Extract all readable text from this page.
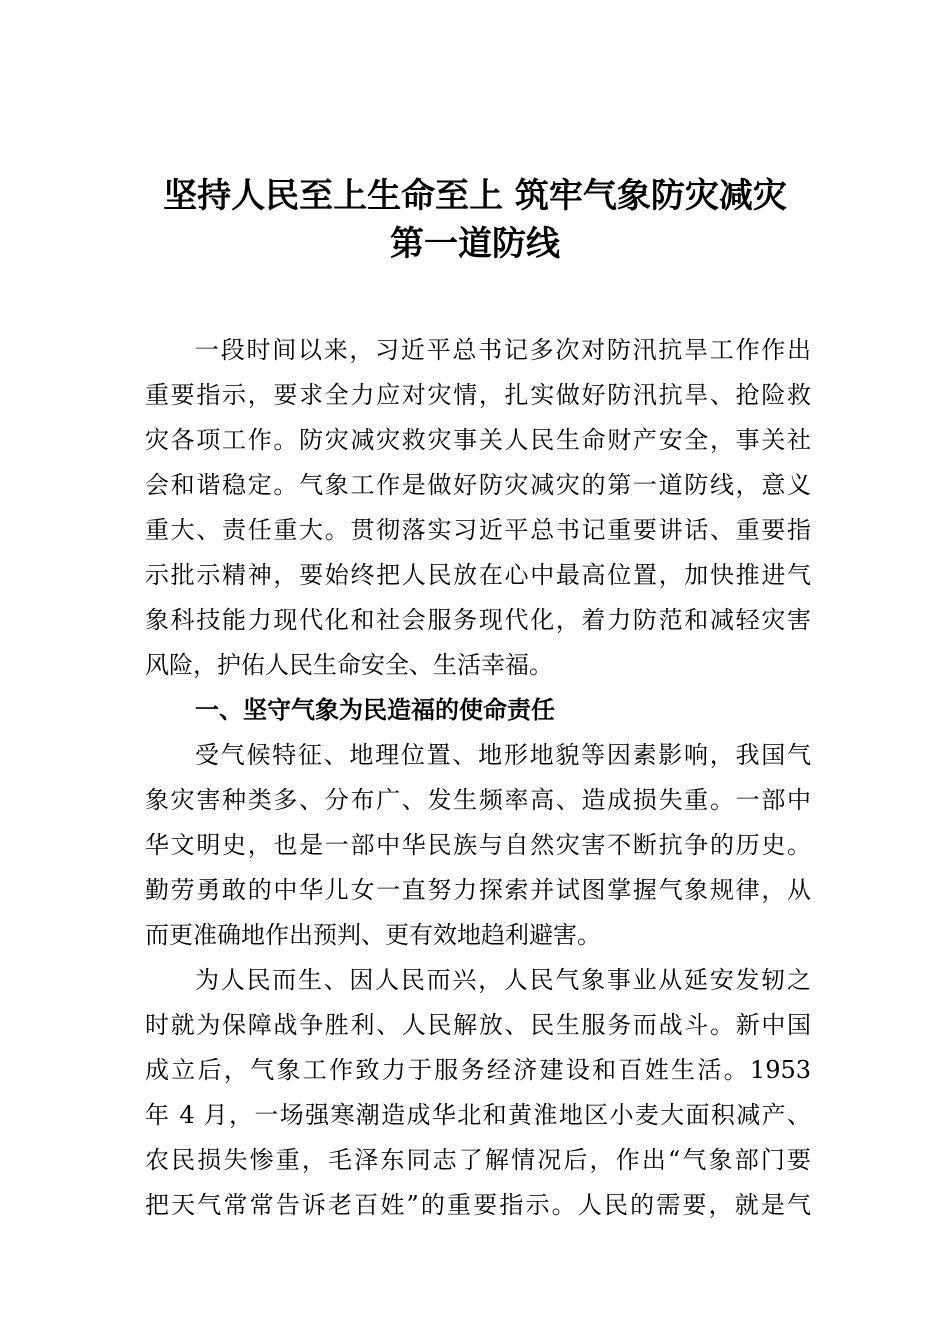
坚持人民至上生命至上 筑牢气象防灾减灾
第一道防线
一段时间以来，习近平总书记多次对防汛抗旱工作作出
重要指示，要求全力应对灾情，扎实做好防汛抗旱、抢险救
灾各项工作。防灾减灾救灾事关人民生命财产安全，事关社
会和谐稳定。气象工作是做好防灾减灾的第一道防线，意义
重大、责任重大。贯彻落实习近平总书记重要讲话、重要指
示批示精神，要始终把人民放在心中最高位置，加快推进气
象科技能力现代化和社会服务现代化，着力防范和减轻灾害
风险，护佑人民生命安全、生活幸福。
一、坚守气象为民造福的使命责任
受气候特征、地理位置、地形地貌等因素影响，我国气
象灾害种类多、分布广、发生频率高、造成损失重。一部中
华文明史，也是一部中华民族与自然灾害不断抗争的历史。
勤劳勇敢的中华儿女一直努力探索并试图掌握气象规律，从
而更准确地作出预判、更有效地趋利避害。
为人民而生、因人民而兴，人民气象事业从延安发轫之
时就为保障战争胜利、人民解放、民生服务而战斗。新中国
成立后，气象工作致力于服务经济建设和百姓生活。1953
年 4 月，一场强寒潮造成华北和黄淮地区小麦大面积减产、
农民损失惨重，毛泽东同志了解情况后，作出“气象部门要
把天气常常告诉老百姓”的重要指示。人民的需要，就是气
